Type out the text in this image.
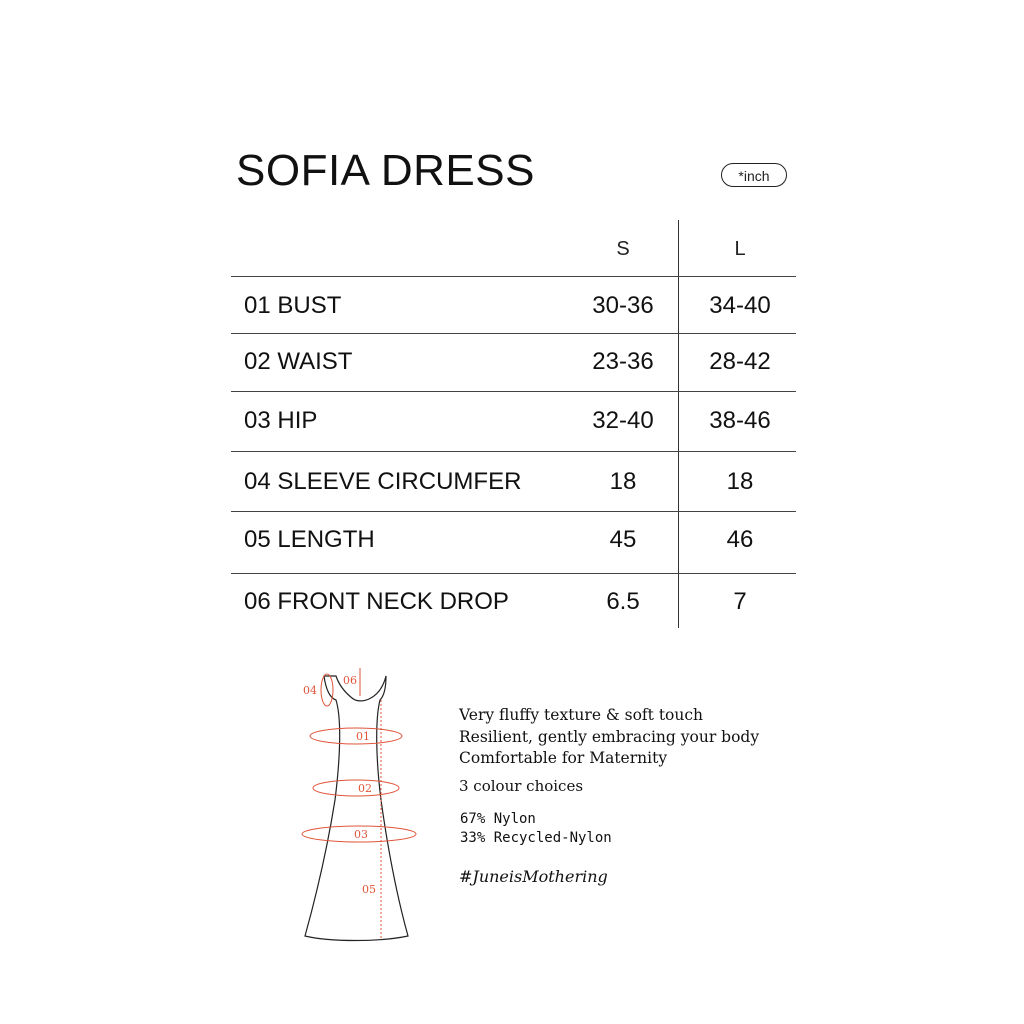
SOFIA DRESS	*inch
S	L
01 BUST	30-36	34-40
02 WAIST	23-36	28-42
03 HIP	32-40	38-46
04 SLEEVE CIRCUMFER	18	18
05 LENGTH	45	46
06 FRONT NECK DROP	6.5	7
04
06
01
02
03
05
Very fluffy texture & soft touch
Resilient, gently embracing your body
Comfortable for Maternity
3 colour choices
67% Nylon
33% Recycled-Nylon
#JuneisMothering
